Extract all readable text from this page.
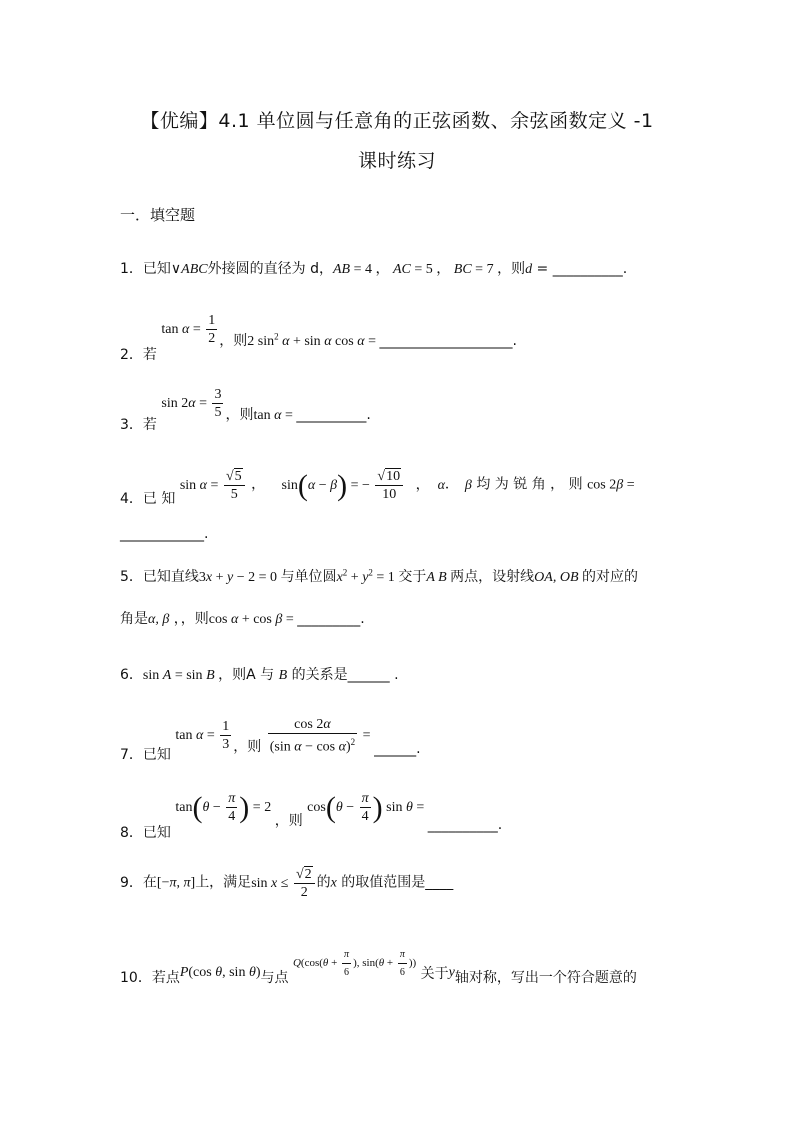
【优编】4.1 单位圆与任意角的正弦函数、余弦函数定义 -1
课时练习
一．填空题
1．已知∨ABC外接圆的直径为 d，AB = 4 ， AC = 5 ， BC = 7 ，则d = __________.
2．若 $\tan \alpha = \frac{1}{2}$ ，则2 $\sin^2 \alpha + \sin \alpha$ cos α = ___________________.
3．若 $\sin 2\alpha = \frac{3}{5}$ ，则tan α = __________.
4．已 知 $\sin \alpha = \frac{√5}{5}$ ， sin(α − β) = − $\frac{√10}{10}$ ， α． β 均 为 锐 角 ， 则 cos 2β =
____________.
5．已知直线3x + y − 2 = 0 与单位圆$x^2 + y^2 = 1$ 交于A B 两点，设射线OA, OB 的对应的
角是α, β ，，则cos α + cos β = _________.
6．sin A = sin B ，则A 与 B 的关系是______ .
7．已知 $\tan \alpha = \frac{1}{3}$ ，则 $\frac{\cos 2\alpha}{(\sin \alpha - \cos \alpha)^2}$ = ______.
8．已知 $\tan(\theta - \frac{\pi}{4}$ ) = 2 ，则 $\cos(\theta - \frac{\pi}{4}$ ) sin θ = __________.
9．在[−π, π]上，满足$\sin x \le \frac{√2}{2}$ 的x 的取值范围是____
10．若点P(cos θ, sin θ)与点 $Q(\cos(\theta + \frac{\pi}{6}$ ), $\sin(\theta + \frac{\pi}{6}$ )) 关于y轴对称，写出一个符合题意的
